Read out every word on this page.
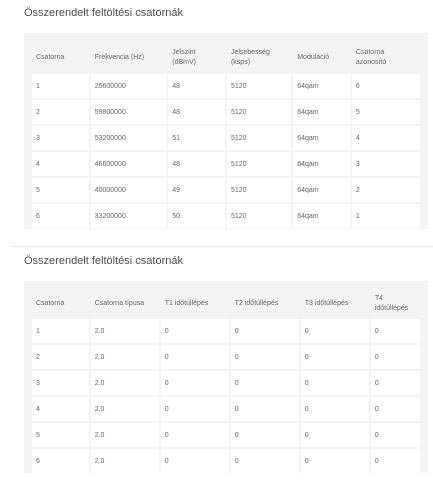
Összerendelt feltöltési csatornák
Csatorna	Frekvencia (Hz)	Jelszint (dBmV)	Jelsebesség (ksps)	Moduláció	Csatorna azonosító
1	26600000	48	5120	64qam	6
2	59800000	48	5120	64qam	5
3	53200000	51	5120	64qam	4
4	46600000	48	5120	64qam	3
5	40000000	49	5120	64qam	2
6	33200000	50	5120	64qam	1
Összerendelt feltöltési csatornák
Csatorna	Csatorna típusa	T1 időtúllépés	T2 időtúllépés	T3 időtúllépés	T4 időtúllépés
1	2.0	0	0	0	0
2	2.0	0	0	0	0
3	2.0	0	0	0	0
4	2.0	0	0	0	0
5	2.0	0	0	0	0
6	2.0	0	0	0	0
